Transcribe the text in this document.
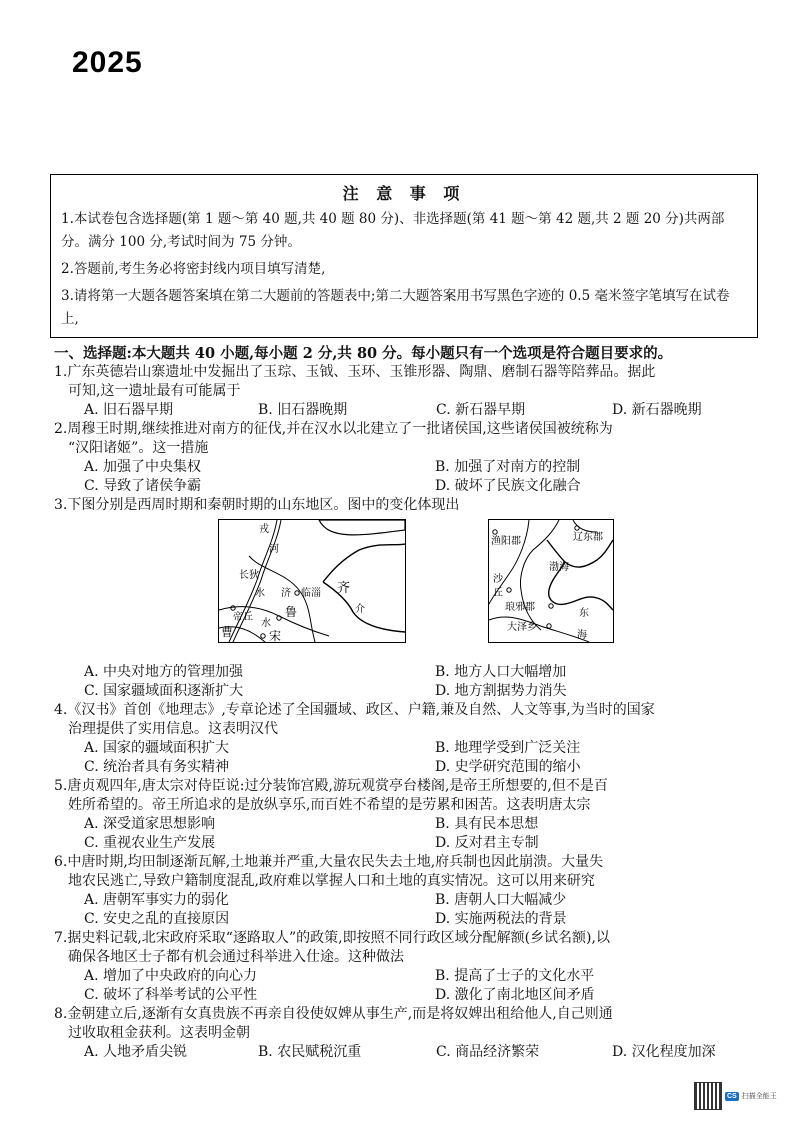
2025
注 意 事 项

1.本试卷包含选择题(第 1 题～第 40 题,共 40 题 80 分)、非选择题(第 41 题～第 42 题,共 2 题 20 分)共两部分。满分 100 分,考试时间为 75 分钟。

2.答题前,考生务必将密封线内项目填写清楚,

3.请将第一大题各题答案填在第二大题前的答题表中;第二大题答案用书写黑色字迹的 0.5 毫米签字笔填写在试卷上,

一、选择题:本大题共 40 小题,每小题 2 分,共 80 分。每小题只有一个选项是符合题目要求的。
1.广东英德岩山寨遗址中发掘出了玉琮、玉钺、玉环、玉锥形器、陶鼎、磨制石器等陪葬品。据此
可知,这一遗址最有可能属于
A. 旧石器早期	B. 旧石器晚期	C. 新石器早期	D. 新石器晚期
2.周穆王时期,继续推进对南方的征伐,并在汉水以北建立了一批诸侯国,这些诸侯国被统称为
“汉阳诸姬”。这一措施
A. 加强了中央集权	B. 加强了对南方的控制
C. 导致了诸侯争霸	D. 破坏了民族文化融合
3.下图分别是西周时期和秦朝时期的山东地区。图中的变化体现出
戎
河
长狄
水 济 临淄 齐
介
帝丘	鲁
水
曹	宋
渔阳郡	辽东郡
渤海
沙
丘
琅邪郡
东
大泽乡
海
A. 中央对地方的管理加强	B. 地方人口大幅增加
C. 国家疆域面积逐渐扩大	D. 地方割据势力消失
4.《汉书》首创《地理志》,专章论述了全国疆域、政区、户籍,兼及自然、人文等事,为当时的国家
治理提供了实用信息。这表明汉代
A. 国家的疆域面积扩大	B. 地理学受到广泛关注
C. 统治者具有务实精神	D. 史学研究范围的缩小
5.唐贞观四年,唐太宗对侍臣说:过分装饰宫殿,游玩观赏亭台楼阁,是帝王所想要的,但不是百
姓所希望的。帝王所追求的是放纵享乐,而百姓不希望的是劳累和困苦。这表明唐太宗
A. 深受道家思想影响	B. 具有民本思想
C. 重视农业生产发展	D. 反对君主专制
6.中唐时期,均田制逐渐瓦解,土地兼并严重,大量农民失去土地,府兵制也因此崩溃。大量失
地农民逃亡,导致户籍制度混乱,政府难以掌握人口和土地的真实情况。这可以用来研究
A. 唐朝军事实力的弱化	B. 唐朝人口大幅减少
C. 安史之乱的直接原因	D. 实施两税法的背景
7.据史料记载,北宋政府采取“逐路取人”的政策,即按照不同行政区域分配解额(乡试名额),以
确保各地区士子都有机会通过科举进入仕途。这种做法
A. 增加了中央政府的向心力	B. 提高了士子的文化水平
C. 破坏了科举考试的公平性	D. 激化了南北地区间矛盾
8.金朝建立后,逐渐有女真贵族不再亲自役使奴婢从事生产,而是将奴婢出租给他人,自己则通
过收取租金获利。这表明金朝
A. 人地矛盾尖锐	B. 农民赋税沉重	C. 商品经济繁荣	D. 汉化程度加深
CS 扫描全能王
